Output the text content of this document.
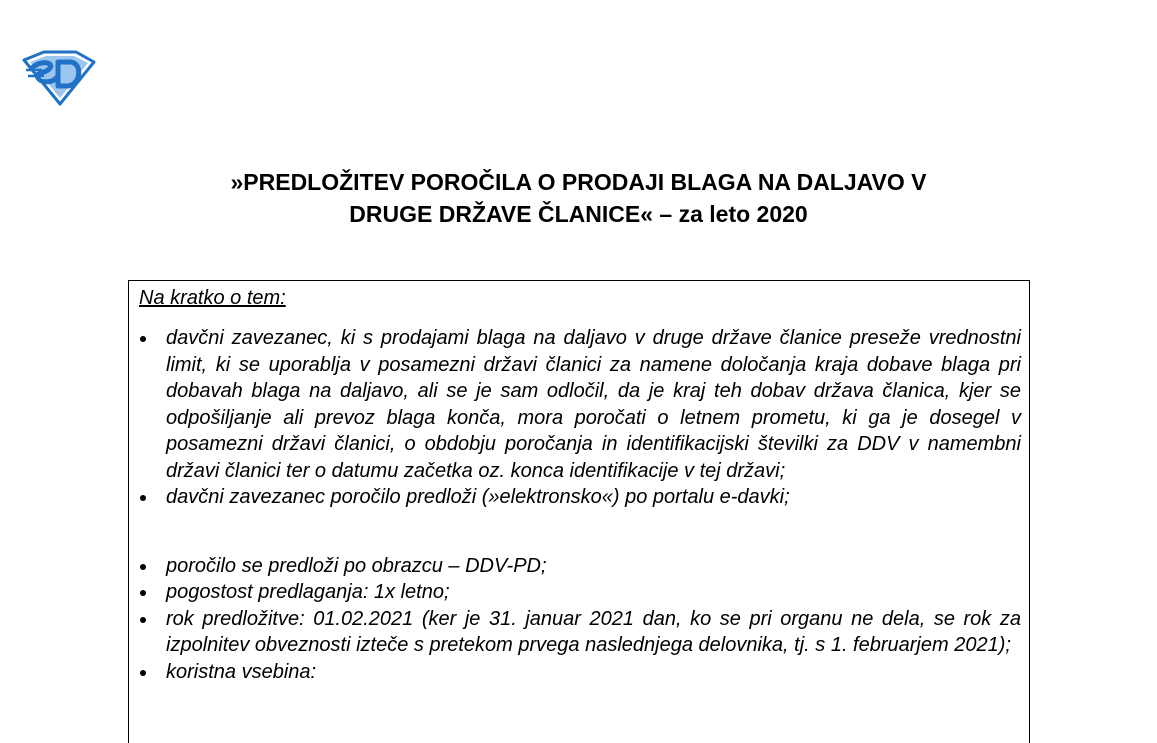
»PREDLOŽITEV POROČILA O PRODAJI BLAGA NA DALJAVO V
DRUGE DRŽAVE ČLANICE« – za leto 2020

Na kratko o tem:

davčni zavezanec, ki s prodajami blaga na daljavo v druge države članice preseže vrednostni limit, ki se uporablja v posamezni državi članici za namene določanja kraja dobave blaga pri dobavah blaga na daljavo, ali se je sam odločil, da je kraj teh dobav država članica, kjer se odpošiljanje ali prevoz blaga konča, mora poročati o letnem prometu, ki ga je dosegel v posamezni državi članici, o obdobju poročanja in identifikacijski številki za DDV v namembni državi članici ter o datumu začetka oz. konca identifikacije v tej državi;
davčni zavezanec poročilo predloži (»elektronsko«) po portalu e-davki;
poročilo se predloži po obrazcu – DDV-PD;
pogostost predlaganja: 1x letno;
rok predložitve: 01.02.2021 (ker je 31. januar 2021 dan, ko se pri organu ne dela, se rok za izpolnitev obveznosti izteče s pretekom prvega naslednjega delovnika, tj. s 1. februarjem 2021);
koristna vsebina:
